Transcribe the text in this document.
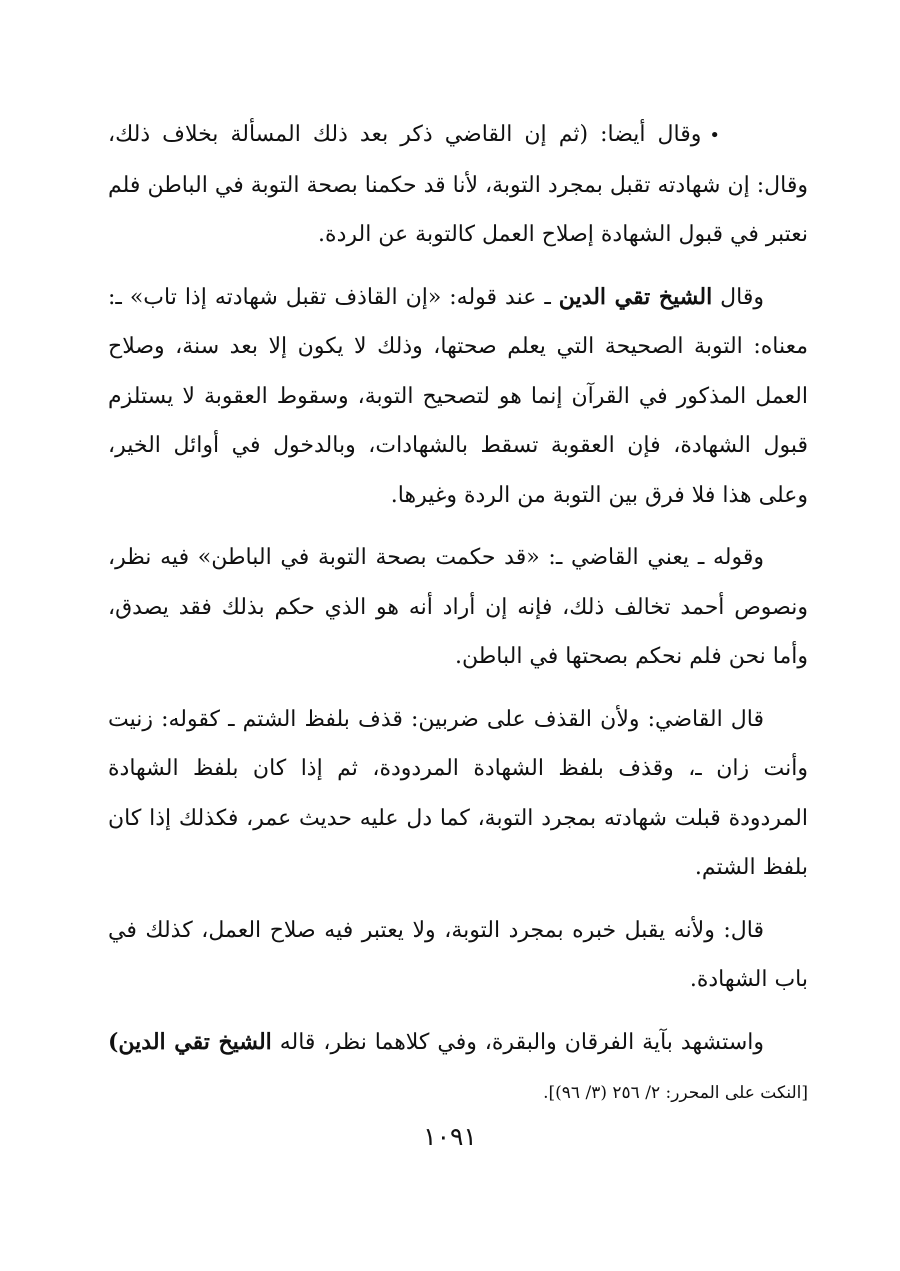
•وقال أيضا: (ثم إن القاضي ذكر بعد ذلك المسألة بخلاف ذلك، وقال: إن شهادته تقبل بمجرد التوبة، لأنا قد حكمنا بصحة التوبة في الباطن فلم نعتبر في قبول الشهادة إصلاح العمل كالتوبة عن الردة.

وقال الشيخ تقي الدين ـ عند قوله: «إن القاذف تقبل شهادته إذا تاب» ـ: معناه: التوبة الصحيحة التي يعلم صحتها، وذلك لا يكون إلا بعد سنة، وصلاح العمل المذكور في القرآن إنما هو لتصحيح التوبة، وسقوط العقوبة لا يستلزم قبول الشهادة، فإن العقوبة تسقط بالشهادات، وبالدخول في أوائل الخير، وعلى هذا فلا فرق بين التوبة من الردة وغيرها.

وقوله ـ يعني القاضي ـ: «قد حكمت بصحة التوبة في الباطن» فيه نظر، ونصوص أحمد تخالف ذلك، فإنه إن أراد أنه هو الذي حكم بذلك فقد يصدق، وأما نحن فلم نحكم بصحتها في الباطن.

قال القاضي: ولأن القذف على ضربين: قذف بلفظ الشتم ـ كقوله: زنيت وأنت زان ـ، وقذف بلفظ الشهادة المردودة، ثم إذا كان بلفظ الشهادة المردودة قبلت شهادته بمجرد التوبة، كما دل عليه حديث عمر، فكذلك إذا كان بلفظ الشتم.

قال: ولأنه يقبل خبره بمجرد التوبة، ولا يعتبر فيه صلاح العمل، كذلك في باب الشهادة.

واستشهد بآية الفرقان والبقرة، وفي كلاهما نظر، قاله الشيخ تقي الدين) [النكت على المحرر: ٢/ ٢٥٦ (٣/ ٩٦)].

١٠٩١
